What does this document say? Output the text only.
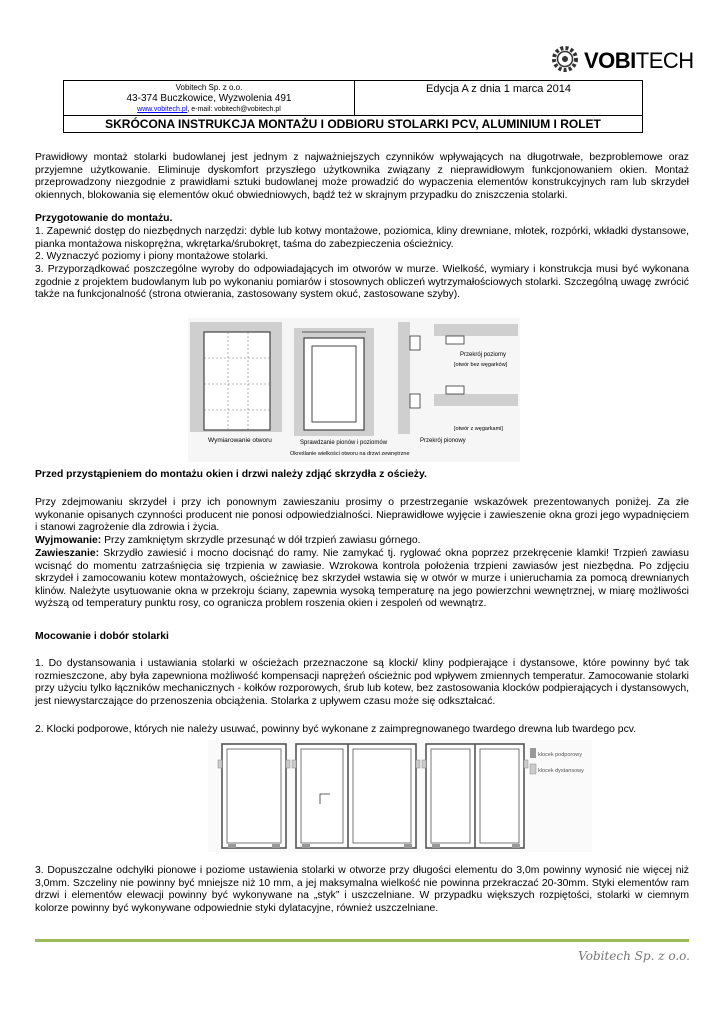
VOBITECH
Vobitech Sp. z o.o.
43-374 Buczkowice, Wyzwolenia 491
www.vobitech.pl, e-mail: vobitech@vobitech.pl
	Edycja A z dnia 1 marca 2014
SKRÓCONA INSTRUKCJA MONTAŻU I ODBIORU STOLARKI PCV, ALUMINIUM I ROLET
Prawidłowy montaż stolarki budowlanej jest jednym z najważniejszych czynników wpływających na długotrwałe, bezproblemowe oraz przyjemne użytkowanie. Eliminuje dyskomfort przyszłego użytkownika związany z nieprawidłowym funkcjonowaniem okien. Montaż przeprowadzony niezgodnie z prawidłami sztuki budowlanej może prowadzić do wypaczenia elementów konstrukcyjnych ram lub skrzydeł okiennych, blokowania się elementów okuć obwiedniowych, bądź też w skrajnym przypadku do zniszczenia stolarki.
Przygotowanie do montażu.
1. Zapewnić dostęp do niezbędnych narzędzi: dyble lub kotwy montażowe, poziomica, kliny drewniane, młotek, rozpórki, wkładki dystansowe, pianka montażowa niskoprężna, wkrętarka/śrubokręt, taśma do zabezpieczenia ościeżnicy.
2. Wyznaczyć poziomy i piony montażowe stolarki.
3. Przyporządkować poszczególne wyroby do odpowiadających im otworów w murze. Wielkość, wymiary i konstrukcja musi być wykonana zgodnie z projektem budowlanym lub po wykonaniu pomiarów i stosownych obliczeń wytrzymałościowych stolarki. Szczególną uwagę zwrócić także na funkcjonalność (strona otwierania, zastosowany system okuć, zastosowane szyby).
Wymiarowanie otworu	Sprawdzanie pionów i poziomów
Określanie wielkości otworu na drzwi zewnętrzne
Przekrój pionowy
Przekrój poziomy
[otwór bez węgarków]
[otwór z węgarkami]
Przed przystąpieniem do montażu okien i drzwi należy zdjąć skrzydła z ościeży.
Przy zdejmowaniu skrzydeł i przy ich ponownym zawieszaniu prosimy o przestrzeganie wskazówek prezentowanych poniżej. Za złe wykonanie opisanych czynności producent nie ponosi odpowiedzialności. Nieprawidłowe wyjęcie i zawieszenie okna grozi jego wypadnięciem i stanowi zagrożenie dla zdrowia i życia.
Wyjmowanie: Przy zamkniętym skrzydle przesunąć w dół trzpień zawiasu górnego.
Zawieszanie: Skrzydło zawiesić i mocno docisnąć do ramy. Nie zamykać tj. ryglować okna poprzez przekręcenie klamki! Trzpień zawiasu wcisnąć do momentu zatrzaśnięcia się trzpienia w zawiasie. Wzrokowa kontrola położenia trzpieni zawiasów jest niezbędna. Po zdjęciu skrzydeł i zamocowaniu kotew montażowych, ościeżnicę bez skrzydeł wstawia się w otwór w murze i unieruchamia za pomocą drewnianych klinów. Należyte usytuowanie okna w przekroju ściany, zapewnia wysoką temperaturę na jego powierzchni wewnętrznej, w miarę możliwości wyższą od temperatury punktu rosy, co ogranicza problem roszenia okien i zespoleń od wewnątrz.
Mocowanie i dobór stolarki
1. Do dystansowania i ustawiania stolarki w ościeżach przeznaczone są klocki/ kliny podpierające i dystansowe, które powinny być tak rozmieszczone, aby była zapewniona możliwość kompensacji naprężeń ościeżnic pod wpływem zmiennych temperatur. Zamocowanie stolarki przy użyciu tylko łączników mechanicznych - kołków rozporowych, śrub lub kotew, bez zastosowania klocków podpierających i dystansowych, jest niewystarczające do przenoszenia obciążenia. Stolarka z upływem czasu może się odkształcać.
2. Klocki podporowe, których nie należy usuwać, powinny być wykonane z zaimpregnowanego twardego drewna lub twardego pcv.
klocek podporowy
klocek dystansowy
3. Dopuszczalne odchyłki pionowe i poziome ustawienia stolarki w otworze przy długości elementu do 3,0m powinny wynosić nie więcej niż 3,0mm. Szczeliny nie powinny być mniejsze niż 10 mm, a jej maksymalna wielkość nie powinna przekraczać 20-30mm. Styki elementów ram drzwi i elementów elewacji powinny być wykonywane na „styk” i uszczelniane. W przypadku większych rozpiętości, stolarki w ciemnym kolorze powinny być wykonywane odpowiednie styki dylatacyjne, również uszczelniane.
Vobitech Sp. z o.o.
